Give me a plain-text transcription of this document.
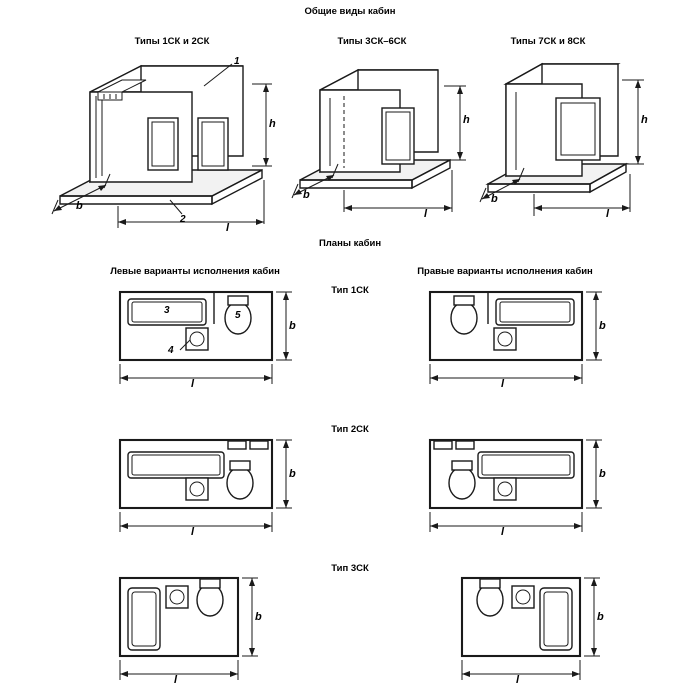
Общие виды кабин
Планы кабин
Типы 1СК и 2СК	Типы 3СК–6СК	Типы 7СК и 8СК
Левые варианты исполнения кабин	Правые варианты исполнения кабин
Тип 1СК
Тип 2СК
Тип 3СК
1
2
h
b
l
h
b
l
h
b
l
3
4
5
b
l
b
l
b
l
b
l
b
l
b
l
